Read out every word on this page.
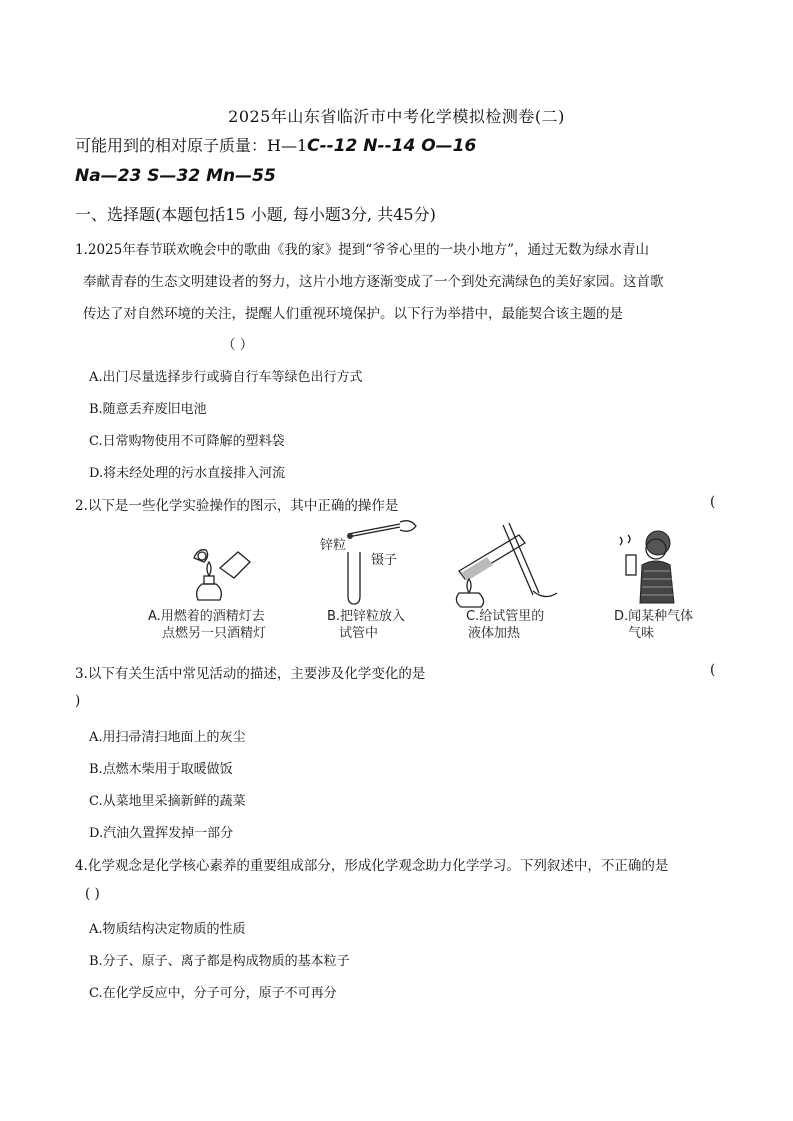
2025年山东省临沂市中考化学模拟检测卷(二)
可能用到的相对原子质量：H—1C--12 N--14 O—16
Na—23 S—32 Mn—55
一、选择题(本题包括15 小题, 每小题3分, 共45分)
1.2025年春节联欢晚会中的歌曲《我的家》提到“爷爷心里的一块小地方”，通过无数为绿水青山
奉献青春的生态文明建设者的努力，这片小地方逐渐变成了一个到处充满绿色的美好家园。这首歌
传达了对自然环境的关注，提醒人们重视环境保护。以下行为举措中，最能契合该主题的是
（ ）
A.出门尽量选择步行或骑自行车等绿色出行方式
B.随意丢弃废旧电池
C.日常购物使用不可降解的塑料袋
D.将未经处理的污水直接排入河流
2.以下是一些化学实验操作的图示，其中正确的操作是	(
锌粒
镊子
A.用燃着的酒精灯去
点燃另一只酒精灯
B.把锌粒放入
试管中
C.给试管里的
液体加热
D.闻某种气体
气味
3.以下有关生活中常见活动的描述，主要涉及化学变化的是	(
)
A.用扫帚清扫地面上的灰尘
B.点燃木柴用于取暖做饭
C.从菜地里采摘新鲜的蔬菜
D.汽油久置挥发掉一部分
4.化学观念是化学核心素养的重要组成部分，形成化学观念助力化学学习。下列叙述中，不正确的是
( )
A.物质结构决定物质的性质
B.分子、原子、离子都是构成物质的基本粒子
C.在化学反应中，分子可分，原子不可再分
